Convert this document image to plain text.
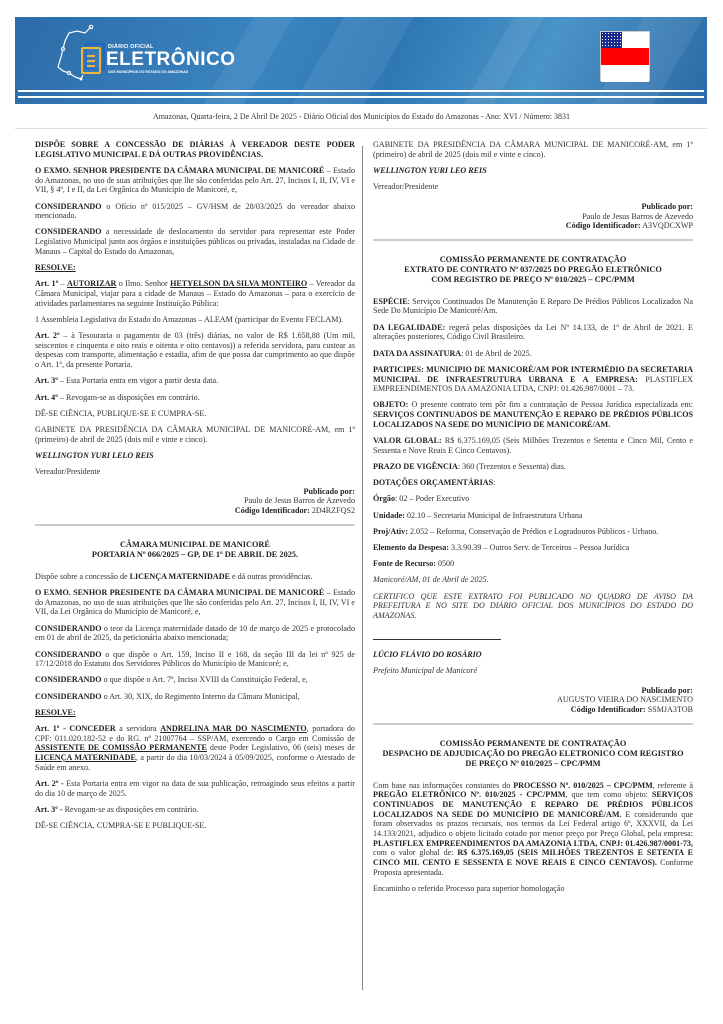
DIÁRIO OFICIAL
ELETRÔNICO
DOS MUNICÍPIOS DO ESTADO DO AMAZONAS
Amazonas, Quarta-feira, 2 De Abril De 2025 - Diário Oficial dos Municípios do Estado do Amazonas - Ano: XVI / Número: 3831

DISPÕE SOBRE A CONCESSÃO DE DIÁRIAS À VEREADOR DESTE PODER LEGISLATIVO MUNICIPAL E DÁ OUTRAS PROVIDÊNCIAS.

O EXMO. SENHOR PRESIDENTE DA CÂMARA MUNICIPAL DE MANICORÉ – Estado do Amazonas, no uso de suas atribuições que lhe são conferidas pelo Art. 27, Incisos I, II, IV, VI e VII, § 4º, I e II, da Lei Orgânica do Município de Manicoré, e,

CONSIDERANDO o Ofício nº 015/2025 – GV/HSM de 28/03/2025 do vereador abaixo mencionado.

CONSIDERANDO a necessidade de deslocamento do servidor para representar este Poder Legislativo Municipal junto aos órgãos e instituições públicas ou privadas, instaladas na Cidade de Manaus – Capital do Estado do Amazonas,

RESOLVE:

Art. 1º – AUTORIZAR o Ilmo. Senhor HETYELSON DA SILVA MONTEIRO – Vereador da Câmara Municipal, viajar para a cidade de Manaus – Estado do Amazonas – para o exercício de atividades parlamentares na seguinte Instituição Pública:

1 Assembleia Legislativa do Estado do Amazonas – ALEAM (participar do Evento FECLAM).

Art. 2º – à Tesouraria o pagamento de 03 (três) diárias, no valor de R$ 1.658,88 (Um mil, seiscentos e cinquenta e oito reais e oitenta e oito centavos)) a referida servidora, para custear as despesas com transporte, alimentação e estadia, afim de que possa dar cumprimento ao que dispõe o Art. 1º, da presente Portaria.

Art. 3º – Esta Portaria entra em vigor a partir desta data.

Art. 4º – Revogam-se as disposições em contrário.

DÊ-SE CIÊNCIA, PUBLIQUE-SE E CUMPRA-SE.

GABINETE DA PRESIDÊNCIA DA CÂMARA MUNICIPAL DE MANICORÉ-AM, em 1º (primeiro) de abril de 2025 (dois mil e vinte e cinco).

WELLINGTON YURI LELO REIS

Vereador/Presidente

Publicado por:
Paulo de Jesus Barros de Azevedo
Código Identificador: 2D4RZFQS2
CÂMARA MUNICIPAL DE MANICORÉ
PORTARIA Nº 066/2025 – GP, DE 1º DE ABRIL DE 2025.

Dispõe sobre a concessão de LICENÇA MATERNIDADE e dá outras providências.

O EXMO. SENHOR PRESIDENTE DA CÂMARA MUNICIPAL DE MANICORÉ – Estado do Amazonas, no uso de suas atribuições que lhe são conferidas pelo Art. 27, Incisos I, II, IV, VI e VII, da Lei Orgânica do Município de Manicoré, e,

CONSIDERANDO o teor da Licença maternidade datado de 10 de março de 2025 e protocolado em 01 de abril de 2025, da peticionária abaixo mencionada;

CONSIDERANDO o que dispõe o Art. 159, Inciso II e 168, da seção III da lei nº 925 de 17/12/2018 do Estatuto dos Servidores Públicos do Município de Manicoré; e,

CONSIDERANDO o que dispõe o Art. 7º, Inciso XVIII da Constituição Federal, e,

CONSIDERANDO o Art. 30, XIX, do Regimento Interno da Câmara Municipal,

RESOLVE:

Art. 1º - CONCEDER a servidora ANDRELINA MAR DO NASCIMENTO, portadora do CPF: 011.020.182-52 e do RG. nº 21007764 – SSP/AM, exercendo o Cargo em Comissão de ASSISTENTE DE COMISSÃO PERMANENTE deste Poder Legislativo, 06 (seis) meses de LICENÇA MATERNIDADE, a partir do dia 10/03/2024 à 05/09/2025, conforme o Atestado de Saúde em anexo.

Art. 2º - Esta Portaria entra em vigor na data de sua publicação, retroagindo seus efeitos a partir do dia 10 de março de 2025.

Art. 3º - Revogam-se as disposições em contrário.

DÊ-SE CIÊNCIA, CUMPRA-SE E PUBLIQUE-SE.

GABINETE DA PRESIDÊNCIA DA CÂMARA MUNICIPAL DE MANICORÉ-AM, em 1º (primeiro) de abril de 2025 (dois mil e vinte e cinco).

WELLINGTON YURI LEO REIS

Vereador/Presidente

Publicado por:
Paulo de Jesus Barros de Azevedo
Código Identificador: A3VQDCXWP
COMISSÃO PERMANENTE DE CONTRATAÇÃO
EXTRATO DE CONTRATO Nº 037/2025 DO PREGÃO ELETRÔNICO COM REGISTRO DE PREÇO Nº 010/2025 – CPC/PMM

ESPÉCIE: Serviços Continuados De Manutenção E Reparo De Prédios Públicos Localizados Na Sede Do Município De Manicoré/Am.

DA LEGALIDADE: regerá pelas disposições da Lei Nº 14.133, de 1º de Abril de 2021. E alterações posteriores, Código Civil Brasileiro.

DATA DA ASSINATURA: 01 de Abril de 2025.

PARTICIPES: MUNICIPIO DE MANICORÉ/AM POR INTERMÉDIO DA SECRETARIA MUNICIPAL DE INFRAESTRUTURA URBANA E A EMPRESA: PLASTIFLEX EMPREENDIMENTOS DA AMAZONIA LTDA, CNPJ: 01.426.987/0001 – 73.

OBJETO: O presente contrato tem pôr fim a contratação de Pessoa Jurídica especializada em: SERVIÇOS CONTINUADOS DE MANUTENÇÃO E REPARO DE PRÉDIOS PÚBLICOS LOCALIZADOS NA SEDE DO MUNICÍPIO DE MANICORÉ/AM.

VALOR GLOBAL: R$ 6.375.169,05 (Seis Milhões Trezentos e Setenta e Cinco Mil, Cento e Sessenta e Nove Reais E Cinco Centavos).

PRAZO DE VIGÊNCIA: 360 (Trezentos e Sessenta) dias.

DOTAÇÕES ORÇAMENTÁRIAS:

Órgão: 02 – Poder Executivo

Unidade: 02.10 – Secretaria Municipal de Infraestrutura Urbana

Proj/Ativ: 2.052 – Reforma, Conservação de Prédios e Logradouros Públicos - Urbano.

Elemento da Despesa: 3.3.90.39 – Outros Serv. de Terceiros – Pessoa Jurídica

Fonte de Recurso: 0500

Manicoré/AM, 01 de Abril de 2025.

CERTIFICO QUE ESTE EXTRATO FOI PUBLICADO NO QUADRO DE AVISO DA PREFEITURA E NO SITE DO DIÁRIO OFICIAL DOS MUNICÍPIOS DO ESTADO DO AMAZONAS.

LÚCIO FLÁVIO DO ROSÁRIO

Prefeito Municipal de Manicoré

Publicado por:
AUGUSTO VIEIRA DO NASCIMENTO
Código Identificador: SSMJA3TOB
COMISSÃO PERMANENTE DE CONTRATAÇÃO
DESPACHO DE ADJUDICAÇÃO DO PREGÃO ELETRONICO COM REGISTRO DE PREÇO Nº 010/2025 – CPC/PMM

Com base nas informações constantes do PROCESSO Nº. 010/2025 – CPC/PMM, referente à PREGÃO ELETRÔNICO Nº. 010/2025 - CPC/PMM, que tem como objeto: SERVIÇOS CONTINUADOS DE MANUTENÇÃO E REPARO DE PRÉDIOS PÚBLICOS LOCALIZADOS NA SEDE DO MUNICÍPIO DE MANICORÉ/AM. E considerando que foram observados os prazos recursais, nos termos da Lei Federal artigo 6º, XXXVII, da Lei 14.133/2021, adjudico o objeto licitado cotado por menor preço por Preço Global, pela empresa: PLASTIFLEX EMPREENDIMENTOS DA AMAZONIA LTDA, CNPJ: 01.426.987/0001-73, com o valor global de: R$ 6.375.169,05 (SEIS MILHÕES TREZENTOS E SETENTA E CINCO MIL CENTO E SESSENTA E NOVE REAIS E CINCO CENTAVOS). Conforme Proposta apresentada.

Encaminho o referido Processo para superior homologação
